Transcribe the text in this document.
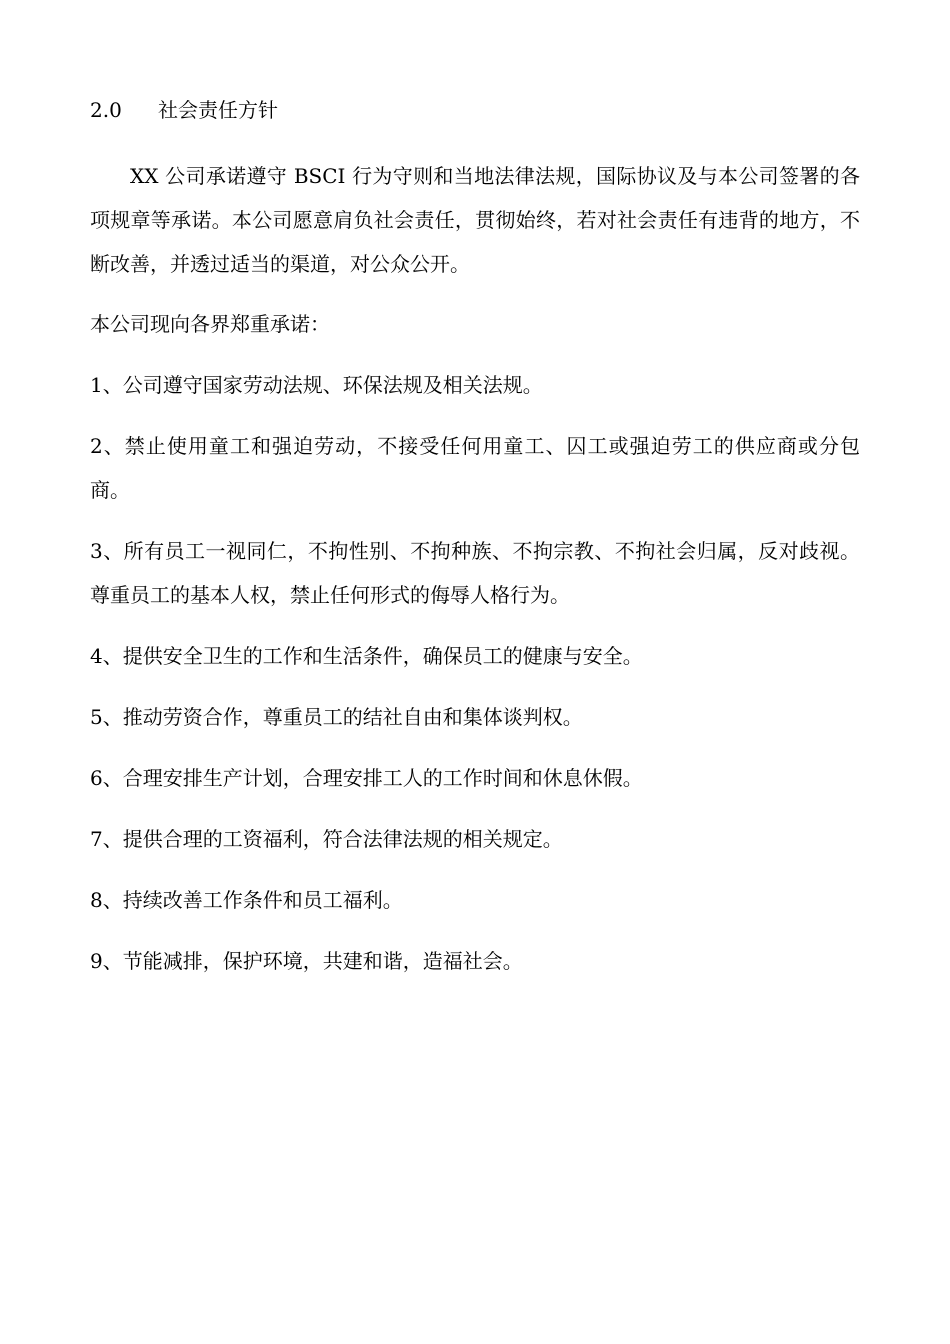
2.0	社会责任方针

XX 公司承诺遵守 BSCI 行为守则和当地法律法规，国际协议及与本公司签署的各项规章等承诺。本公司愿意肩负社会责任，贯彻始终，若对社会责任有违背的地方，不断改善，并透过适当的渠道，对公众公开。

本公司现向各界郑重承诺：

1、公司遵守国家劳动法规、环保法规及相关法规。
2、禁止使用童工和强迫劳动，不接受任何用童工、囚工或强迫劳工的供应商或分包商。
3、所有员工一视同仁，不拘性别、不拘种族、不拘宗教、不拘社会归属，反对歧视。尊重员工的基本人权，禁止任何形式的侮辱人格行为。
4、提供安全卫生的工作和生活条件，确保员工的健康与安全。
5、推动劳资合作，尊重员工的结社自由和集体谈判权。
6、合理安排生产计划，合理安排工人的工作时间和休息休假。
7、提供合理的工资福利，符合法律法规的相关规定。
8、持续改善工作条件和员工福利。
9、节能减排，保护环境，共建和谐，造福社会。
